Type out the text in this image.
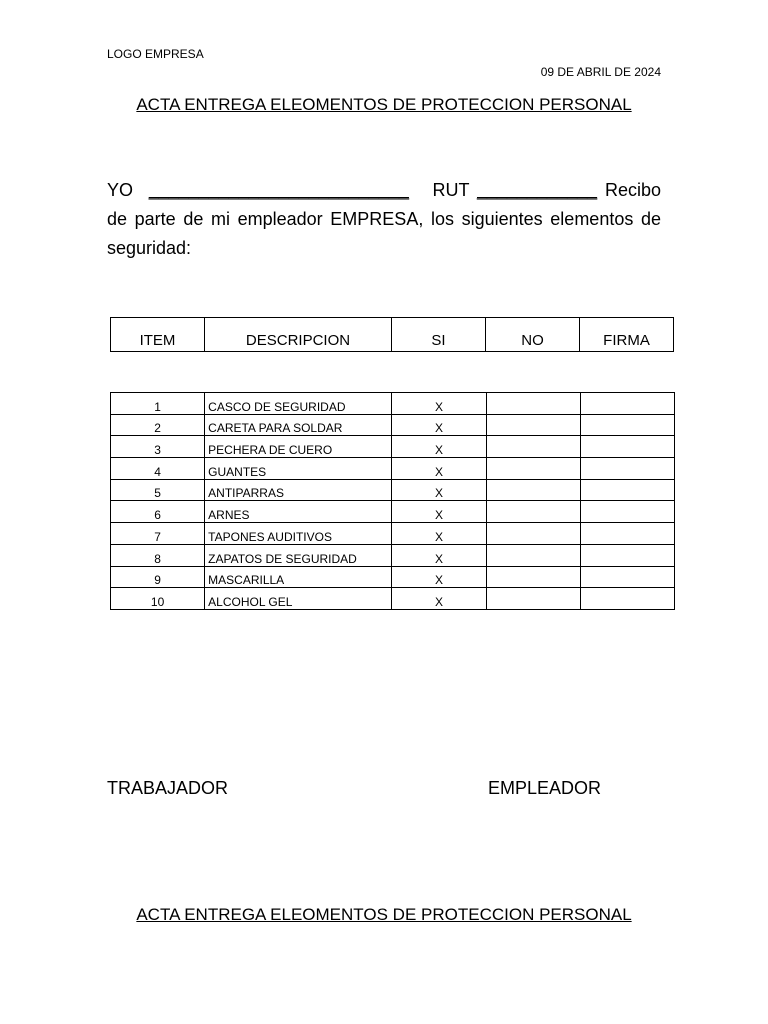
LOGO EMPRESA
09 DE ABRIL DE 2024
ACTA ENTREGA ELEOMENTOS DE PROTECCION PERSONAL
YO __________________________ RUT ____________ Recibo de parte de mi empleador EMPRESA, los siguientes elementos de seguridad:
ITEM	DESCRIPCION	SI	NO	FIRMA
1	CASCO DE SEGURIDAD	X		
2	CARETA PARA SOLDAR	X		
3	PECHERA DE CUERO	X		
4	GUANTES	X		
5	ANTIPARRAS	X		
6	ARNES	X		
7	TAPONES AUDITIVOS	X		
8	ZAPATOS DE SEGURIDAD	X		
9	MASCARILLA	X		
10	ALCOHOL GEL	X		
TRABAJADOR	EMPLEADOR
ACTA ENTREGA ELEOMENTOS DE PROTECCION PERSONAL
